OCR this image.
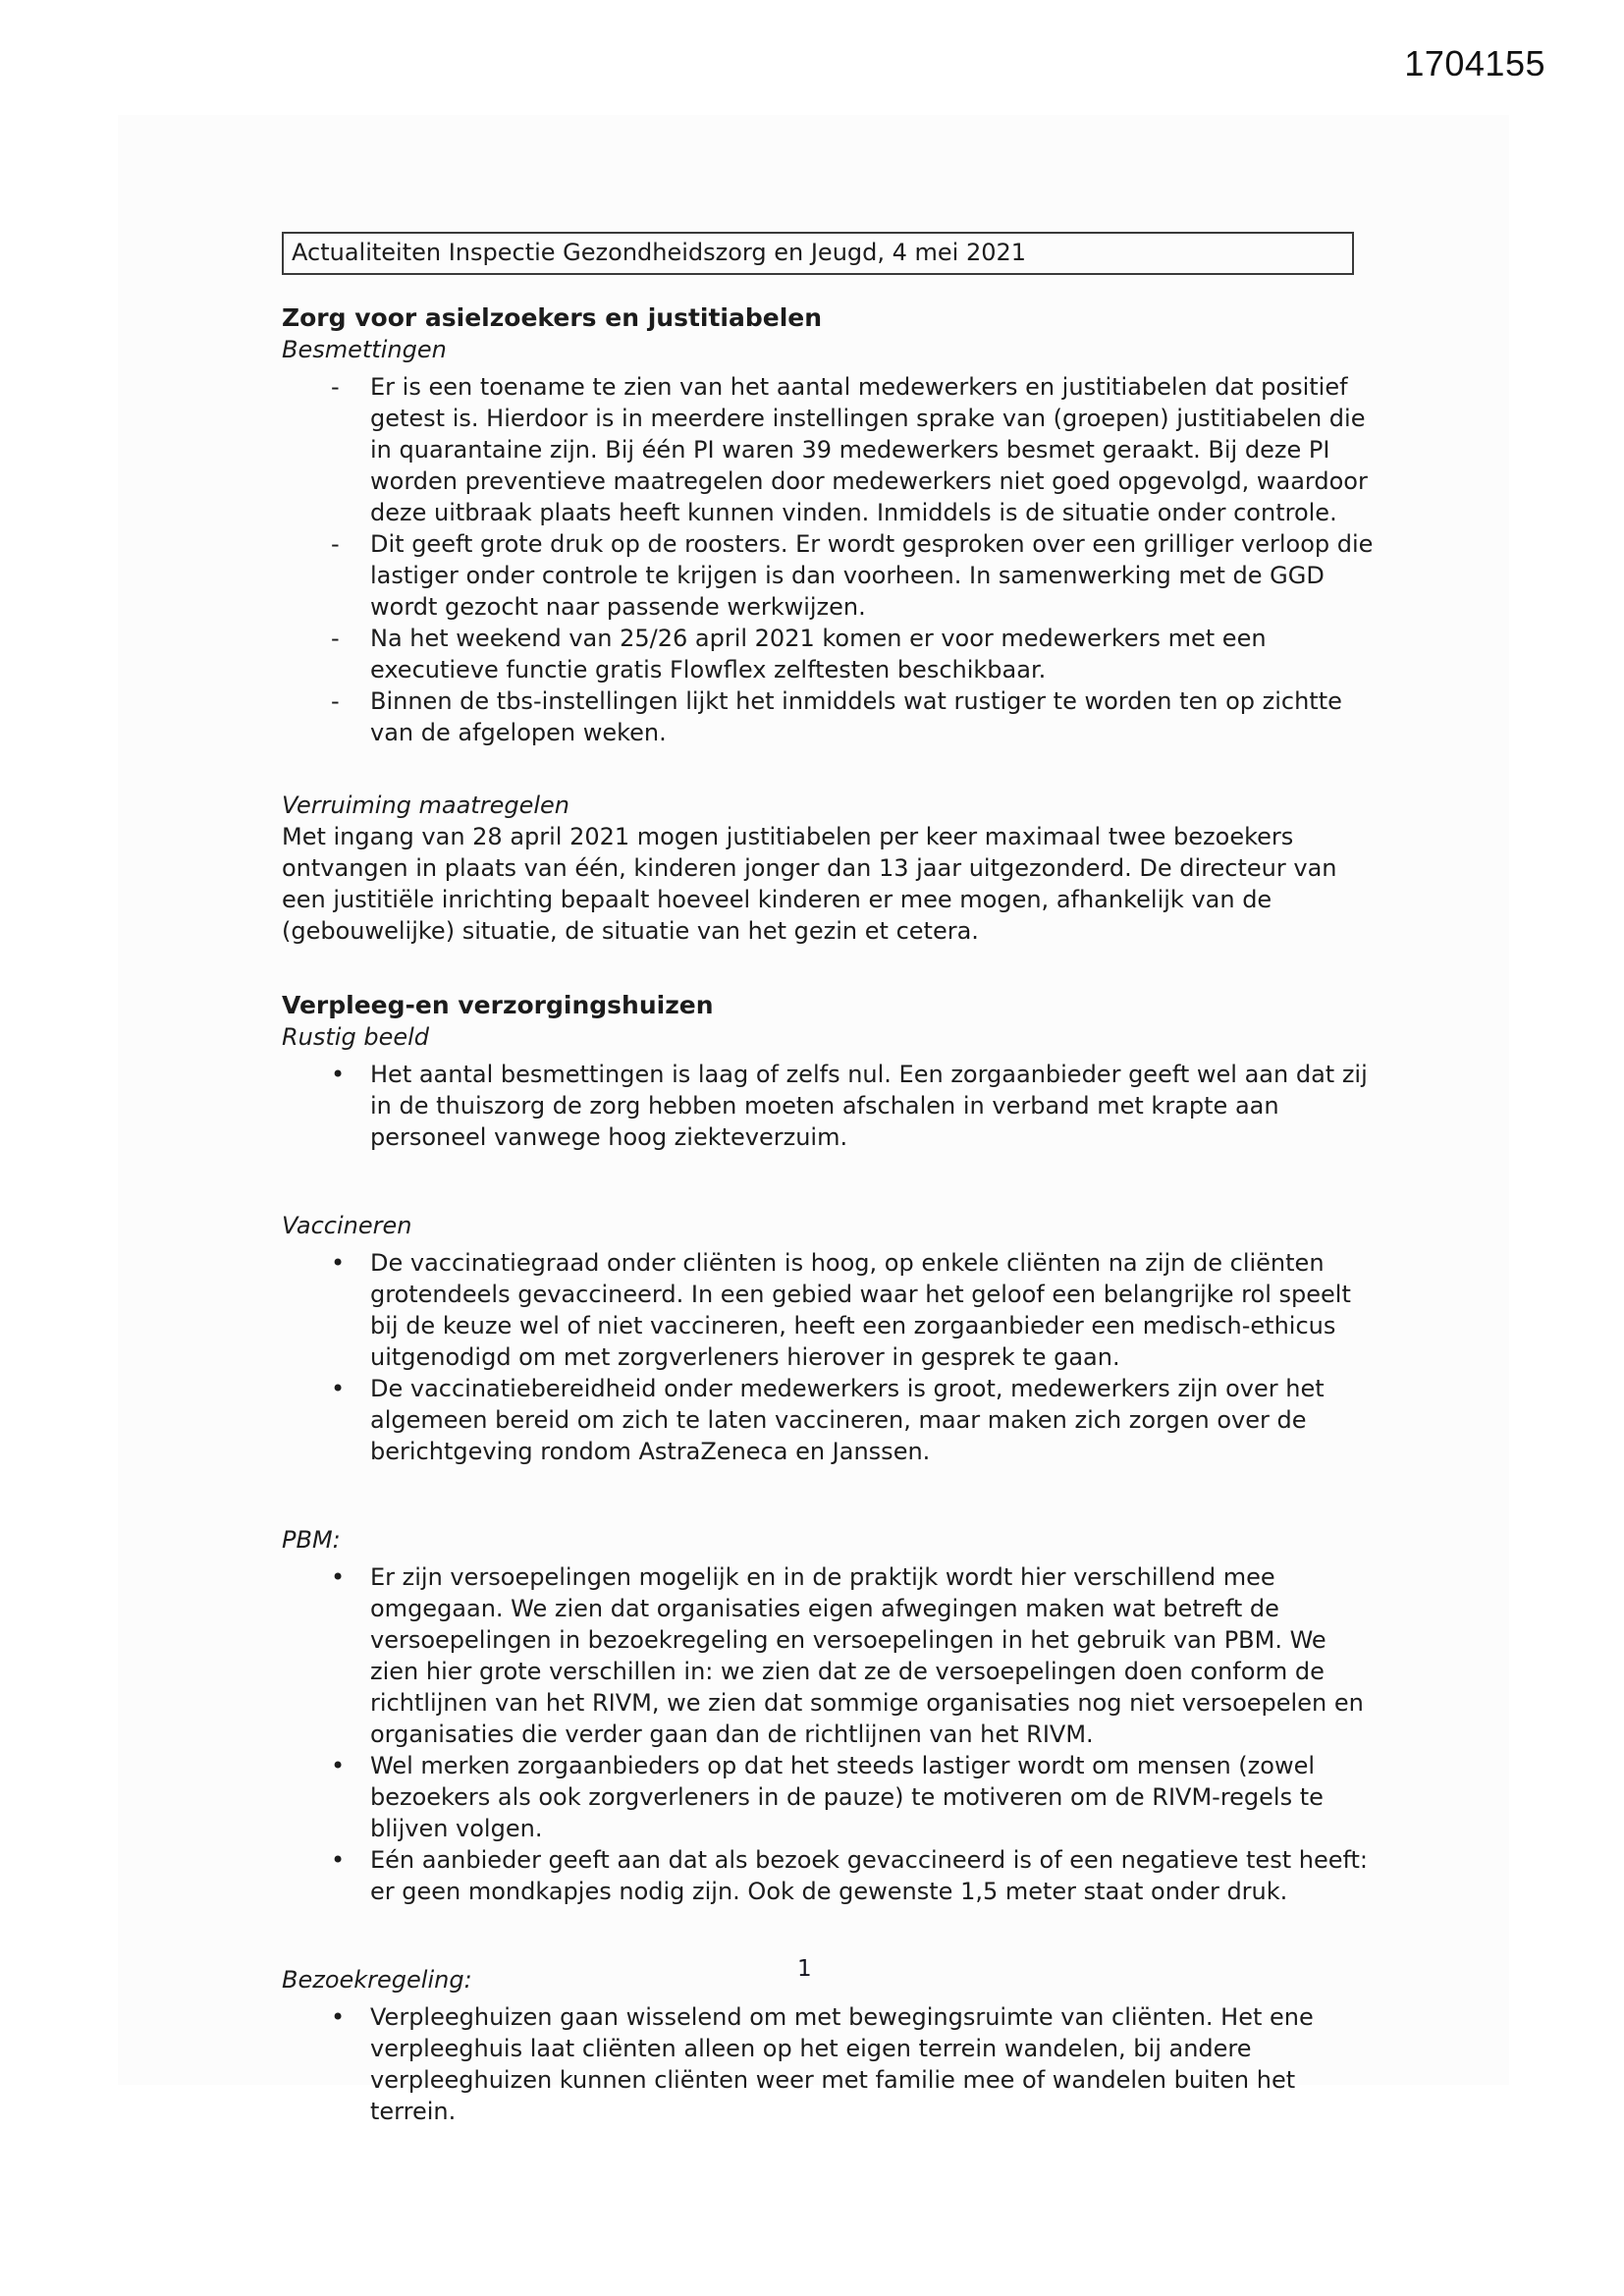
1704155
Actualiteiten Inspectie Gezondheidszorg en Jeugd, 4 mei 2021

Zorg voor asielzoekers en justitiabelen

Besmettingen

-	Er is een toename te zien van het aantal medewerkers en justitiabelen dat positief getest is. Hierdoor is in meerdere instellingen sprake van (groepen) justitiabelen die in quarantaine zijn. Bij één PI waren 39 medewerkers besmet geraakt. Bij deze PI worden preventieve maatregelen door medewerkers niet goed opgevolgd, waardoor deze uitbraak plaats heeft kunnen vinden. Inmiddels is de situatie onder controle.
-	Dit geeft grote druk op de roosters. Er wordt gesproken over een grilliger verloop die lastiger onder controle te krijgen is dan voorheen. In samenwerking met de GGD wordt gezocht naar passende werkwijzen.
-	Na het weekend van 25/26 april 2021 komen er voor medewerkers met een executieve functie gratis Flowflex zelftesten beschikbaar.
-	Binnen de tbs-instellingen lijkt het inmiddels wat rustiger te worden ten op zichtte van de afgelopen weken.

Verruiming maatregelen

Met ingang van 28 april 2021 mogen justitiabelen per keer maximaal twee bezoekers ontvangen in plaats van één, kinderen jonger dan 13 jaar uitgezonderd. De directeur van een justitiële inrichting bepaalt hoeveel kinderen er mee mogen, afhankelijk van de (gebouwelijke) situatie, de situatie van het gezin et cetera.

Verpleeg-en verzorgingshuizen

Rustig beeld

•	Het aantal besmettingen is laag of zelfs nul. Een zorgaanbieder geeft wel aan dat zij in de thuiszorg de zorg hebben moeten afschalen in verband met krapte aan personeel vanwege hoog ziekteverzuim.

Vaccineren

•	De vaccinatiegraad onder cliënten is hoog, op enkele cliënten na zijn de cliënten grotendeels gevaccineerd. In een gebied waar het geloof een belangrijke rol speelt bij de keuze wel of niet vaccineren, heeft een zorgaanbieder een medisch-ethicus uitgenodigd om met zorgverleners hierover in gesprek te gaan.
•	De vaccinatiebereidheid onder medewerkers is groot, medewerkers zijn over het algemeen bereid om zich te laten vaccineren, maar maken zich zorgen over de berichtgeving rondom AstraZeneca en Janssen.

PBM:

•	Er zijn versoepelingen mogelijk en in de praktijk wordt hier verschillend mee omgegaan. We zien dat organisaties eigen afwegingen maken wat betreft de versoepelingen in bezoekregeling en versoepelingen in het gebruik van PBM. We zien hier grote verschillen in: we zien dat ze de versoepelingen doen conform de richtlijnen van het RIVM, we zien dat sommige organisaties nog niet versoepelen en organisaties die verder gaan dan de richtlijnen van het RIVM.
•	Wel merken zorgaanbieders op dat het steeds lastiger wordt om mensen (zowel bezoekers als ook zorgverleners in de pauze) te motiveren om de RIVM-regels te blijven volgen.
•	Eén aanbieder geeft aan dat als bezoek gevaccineerd is of een negatieve test heeft: er geen mondkapjes nodig zijn. Ook de gewenste 1,5 meter staat onder druk.

Bezoekregeling:

•	Verpleeghuizen gaan wisselend om met bewegingsruimte van cliënten. Het ene verpleeghuis laat cliënten alleen op het eigen terrein wandelen, bij andere verpleeghuizen kunnen cliënten weer met familie mee of wandelen buiten het terrein.
1
